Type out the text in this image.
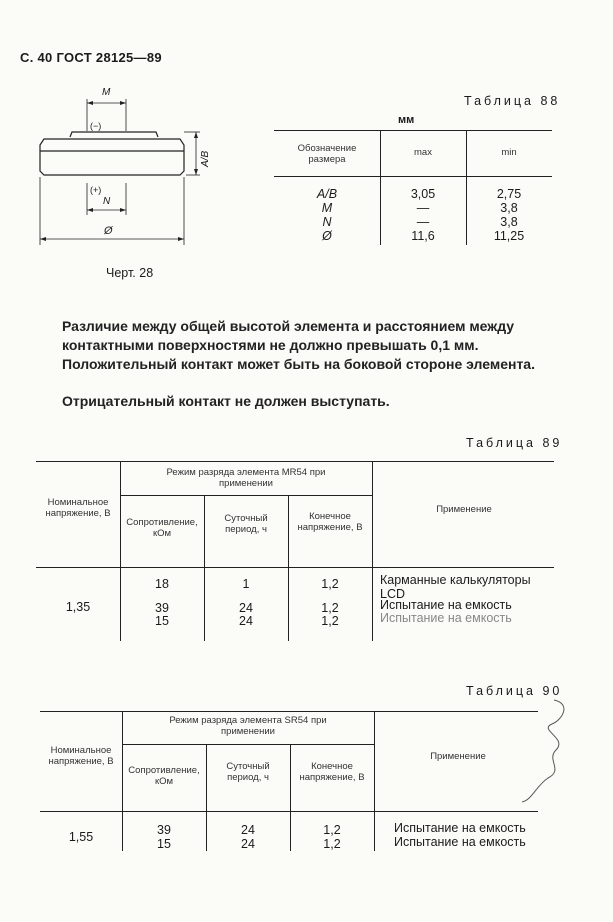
С. 40 ГОСТ 28125—89
M
(−)
A/B
(+)
N
Ø
Черт. 28
Таблица 88
мм
Обозначение размера
max	min
A/B	3,05	2,75
M	—	3,8
N	—	3,8
Ø	11,6	11,25
Различие между общей высотой элемента и расстоянием между контактными поверхностями не должно превышать 0,1 мм.
Положительный контакт может быть на боковой стороне элемента.
Отрицательный контакт не должен выступать.
Таблица 89
Номинальное напряжение, В
Режим разряда элемента MR54 при применении
Сопротивление, кОм
Суточный период, ч
Конечное напряжение, В
Применение
1,35
18	1	1,2	Карманные калькуляторы LCD
39	24	1,2	Испытание на емкость
15	24	1,2	Испытание на емкость
Таблица 90
Номинальное напряжение, В
Режим разряда элемента SR54 при применении
Сопротивление, кОм
Суточный период, ч
Конечное напряжение, В
Применение
1,55	39	24	1,2	Испытание на емкость
15	24	1,2	Испытание на емкость
